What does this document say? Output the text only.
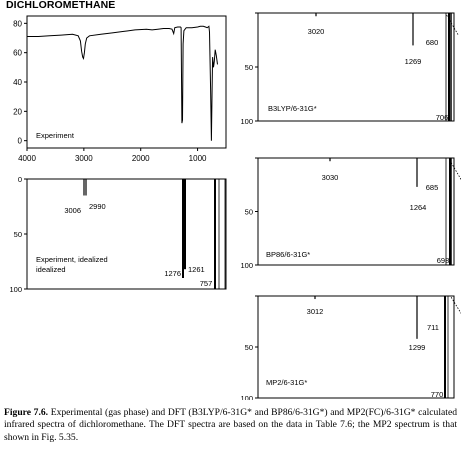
DICHLOROMETHANE
80
60
40
20
0
4000	3000	2000	1000
Experiment
0
50
100
3006 2990
1276 1261
757
Experiment, idealized
idealized
50
100
3020
1269
706
680
B3LYP/6-31G*
50
100
3030
1264
698
685
BP86/6-31G*
50
100
3012
1299
770
711
MP2/6-31G*
Figure 7.6. Experimental (gas phase) and DFT (B3LYP/6-31G* and BP86/6-31G*) and MP2(FC)/6-31G* calculated infrared spectra of dichloromethane. The DFT spectra are based on the data in Table 7.6; the MP2 spectrum is that shown in Fig. 5.35.
